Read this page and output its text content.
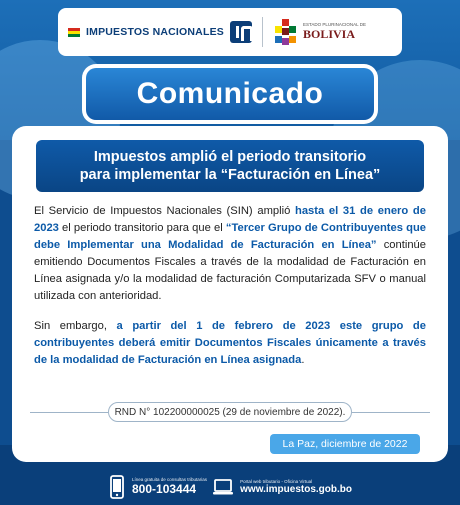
IMPUESTOS NACIONALES
ESTADO PLURINACIONAL DE
BOLIVIA
Comunicado
Impuestos amplió el periodo transitorio
para implementar la “Facturación en Línea”

El Servicio de Impuestos Nacionales (SIN) amplió hasta el 31 de enero de 2023 el periodo transitorio para que el “Tercer Grupo de Contribuyentes que debe Implementar una Modalidad de Facturación en Línea” continúe emitiendo Documentos Fiscales a través de la modalidad de Facturación en Línea asignada y/o la modalidad de facturación Computarizada SFV o manual utilizada con anterioridad.

Sin embargo, a partir del 1 de febrero de 2023 este grupo de contribuyentes deberá emitir Documentos Fiscales únicamente a través de la modalidad de Facturación en Línea asignada.

RND N° 102200000025 (29 de noviembre de 2022).
La Paz, diciembre de 2022
Línea gratuita de consultas tributarias
800-103444
Portal web tributario - Oficina Virtual
www.impuestos.gob.bo
